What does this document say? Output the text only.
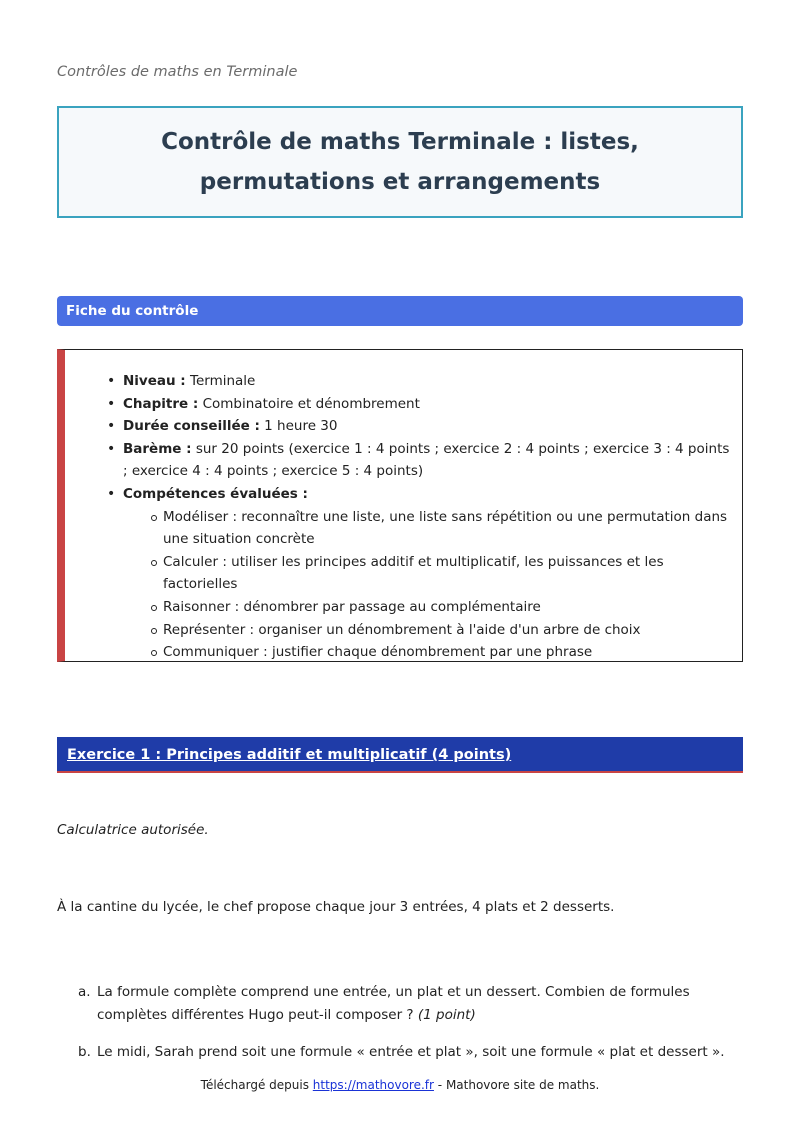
Contrôles de maths en Terminale
Contrôle de maths Terminale : listes, permutations et arrangements
Fiche du contrôle
• Niveau : Terminale
• Chapitre : Combinatoire et dénombrement
• Durée conseillée : 1 heure 30
• Barème : sur 20 points (exercice 1 : 4 points ; exercice 2 : 4 points ; exercice 3 : 4 points ; exercice 4 : 4 points ; exercice 5 : 4 points)
• Compétences évaluées :
Modéliser : reconnaître une liste, une liste sans répétition ou une permutation dans une situation concrète
Calculer : utiliser les principes additif et multiplicatif, les puissances et les factorielles
Raisonner : dénombrer par passage au complémentaire
Représenter : organiser un dénombrement à l'aide d'un arbre de choix
Communiquer : justifier chaque dénombrement par une phrase
Exercice 1 : Principes additif et multiplicatif (4 points)
Calculatrice autorisée.
À la cantine du lycée, le chef propose chaque jour 3 entrées, 4 plats et 2 desserts.
a. La formule complète comprend une entrée, un plat et un dessert. Combien de formules complètes différentes Hugo peut-il composer ? (1 point)
b. Le midi, Sarah prend soit une formule « entrée et plat », soit une formule « plat et dessert ».
Téléchargé depuis https://mathovore.fr - Mathovore site de maths.
